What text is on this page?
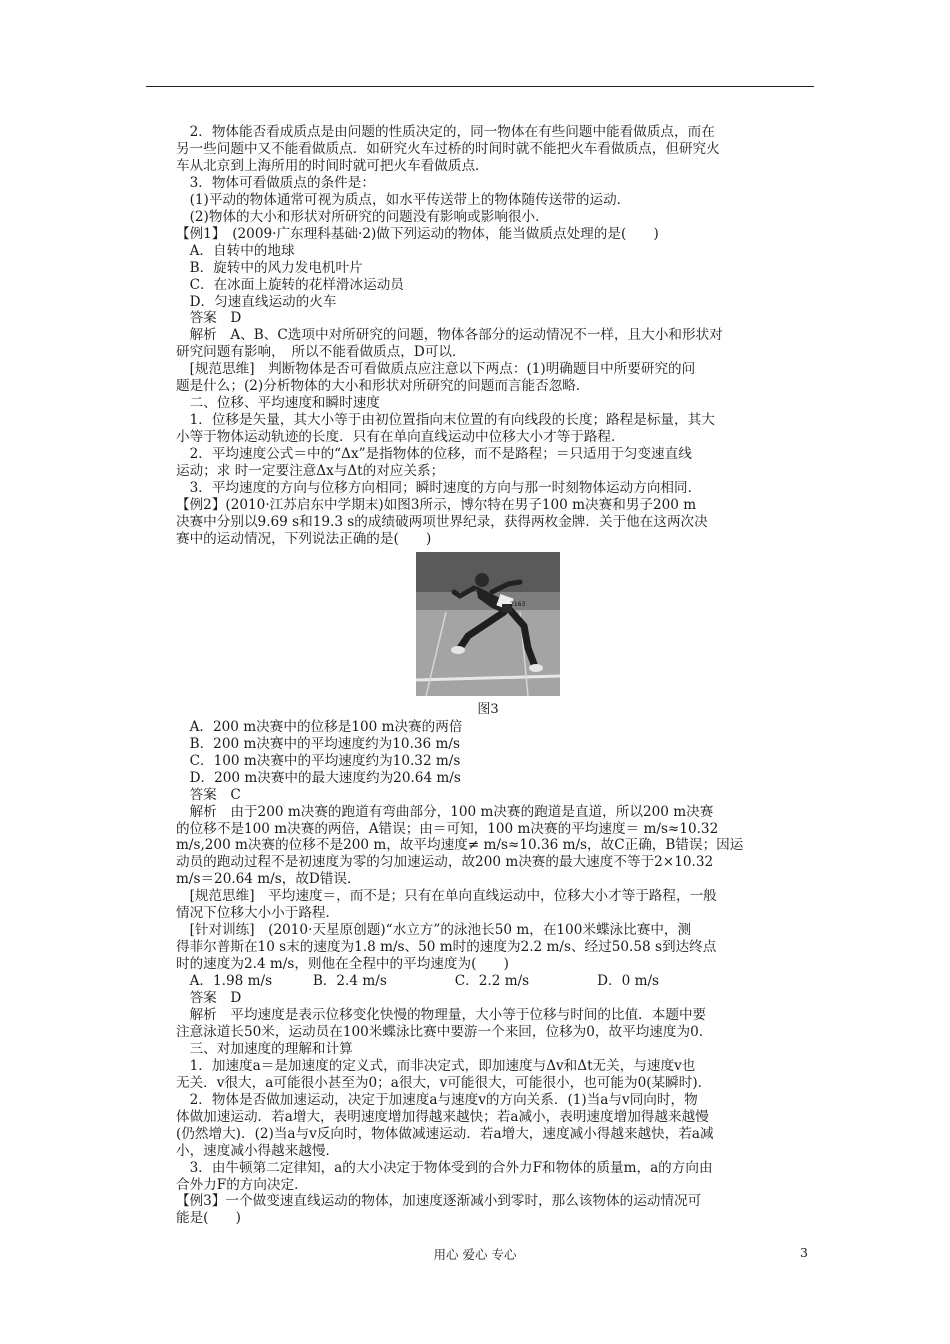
　2．物体能否看成质点是由问题的性质决定的，同一物体在有些问题中能看做质点，而在

另一些问题中又不能看做质点．如研究火车过桥的时间时就不能把火车看做质点，但研究火

车从北京到上海所用的时间时就可把火车看做质点．

　3．物体可看做质点的条件是：

　(1)平动的物体通常可视为质点，如水平传送带上的物体随传送带的运动．

　(2)物体的大小和形状对所研究的问题没有影响或影响很小．

【例1】　(2009·广东理科基础·2)做下列运动的物体，能当做质点处理的是(　　)

　A．自转中的地球

　B．旋转中的风力发电机叶片

　C．在冰面上旋转的花样滑冰运动员

　D．匀速直线运动的火车

　答案　D

　解析　A、B、C选项中对所研究的问题，物体各部分的运动情况不一样，且大小和形状对

研究问题有影响，　所以不能看做质点，D可以．

　[规范思维]　判断物体是否可看做质点应注意以下两点：(1)明确题目中所要研究的问

题是什么；(2)分析物体的大小和形状对所研究的问题而言能否忽略．

　二、位移、平均速度和瞬时速度

　1．位移是矢量，其大小等于由初位置指向末位置的有向线段的长度；路程是标量，其大

小等于物体运动轨迹的长度．只有在单向直线运动中位移大小才等于路程．

　2．平均速度公式＝中的“Δx”是指物体的位移，而不是路程；＝只适用于匀变速直线

运动；求 时一定要注意Δx与Δt的对应关系；

　3．平均速度的方向与位移方向相同；瞬时速度的方向与那一时刻物体运动方向相同．

【例2】(2010·江苏启东中学期末)如图3所示，博尔特在男子100 m决赛和男子200 m

决赛中分别以9.69 s和19.3 s的成绩破两项世界纪录，获得两枚金牌．关于他在这两次决

赛中的运动情况，下列说法正确的是(　　)

2163
图3

　A．200 m决赛中的位移是100 m决赛的两倍

　B．200 m决赛中的平均速度约为10.36 m/s

　C．100 m决赛中的平均速度约为10.32 m/s

　D．200 m决赛中的最大速度约为20.64 m/s

　答案　C

　解析　由于200 m决赛的跑道有弯曲部分，100 m决赛的跑道是直道，所以200 m决赛

的位移不是100 m决赛的两倍，A错误；由＝可知，100 m决赛的平均速度＝ m/s≈10.32

m/s,200 m决赛的位移不是200 m，故平均速度≠ m/s≈10.36 m/s，故C正确，B错误；因运

动员的跑动过程不是初速度为零的匀加速运动，故200 m决赛的最大速度不等于2×10.32

m/s＝20.64 m/s，故D错误．

　[规范思维]　平均速度＝，而不是；只有在单向直线运动中，位移大小才等于路程，一般

情况下位移大小小于路程．

　[针对训练]　(2010·天星原创题)“水立方”的泳池长50 m，在100米蝶泳比赛中，测

得菲尔普斯在10 s末的速度为1.8 m/s、50 m时的速度为2.2 m/s、经过50.58 s到达终点

时的速度为2.4 m/s，则他在全程中的平均速度为(　　)

　A．1.98 m/s　　　B．2.4 m/s　　　　　C．2.2 m/s　　　　　D．0 m/s

　答案　D

　解析　平均速度是表示位移变化快慢的物理量，大小等于位移与时间的比值．本题中要

注意泳道长50米，运动员在100米蝶泳比赛中要游一个来回，位移为0，故平均速度为0.

　三、对加速度的理解和计算

　1．加速度a＝是加速度的定义式，而非决定式，即加速度与Δv和Δt无关，与速度v也

无关．v很大，a可能很小甚至为0；a很大，v可能很大，可能很小，也可能为0(某瞬时)．

　2．物体是否做加速运动，决定于加速度a与速度v的方向关系．(1)当a与v同向时，物

体做加速运动．若a增大，表明速度增加得越来越快；若a减小，表明速度增加得越来越慢

(仍然增大)．(2)当a与v反向时，物体做减速运动．若a增大，速度减小得越来越快，若a减

小，速度减小得越来越慢．

　3．由牛顿第二定律知，a的大小决定于物体受到的合外力F和物体的质量m，a的方向由

合外力F的方向决定．

【例3】一个做变速直线运动的物体，加速度逐渐减小到零时，那么该物体的运动情况可

能是(　　)

用心 爱心 专心	3
